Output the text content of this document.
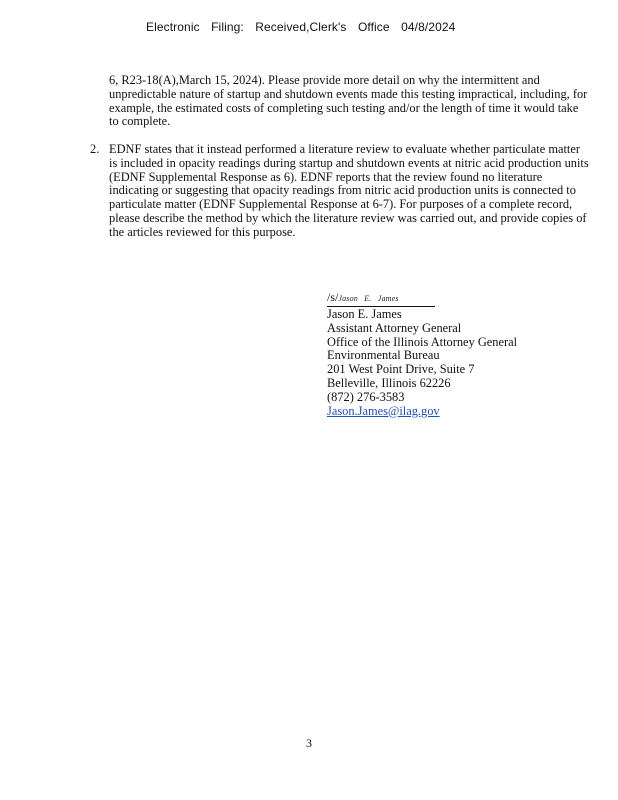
Electronic Filing: Received,Clerk's Office 04/8/2024
6, R23-18(A),March 15, 2024). Please provide more detail on why the intermittent and unpredictable nature of startup and shutdown events made this testing impractical, including, for example, the estimated costs of completing such testing and/or the length of time it would take to complete.
2. EDNF states that it instead performed a literature review to evaluate whether particulate matter is included in opacity readings during startup and shutdown events at nitric acid production units (EDNF Supplemental Response as 6). EDNF reports that the review found no literature indicating or suggesting that opacity readings from nitric acid production units is connected to particulate matter (EDNF Supplemental Response at 6-7). For purposes of a complete record, please describe the method by which the literature review was carried out, and provide copies of the articles reviewed for this purpose.
/s/Jason E. James
Jason E. James
Assistant Attorney General
Office of the Illinois Attorney General
Environmental Bureau
201 West Point Drive, Suite 7
Belleville, Illinois 62226
(872) 276-3583
Jason.James@ilag.gov
3
